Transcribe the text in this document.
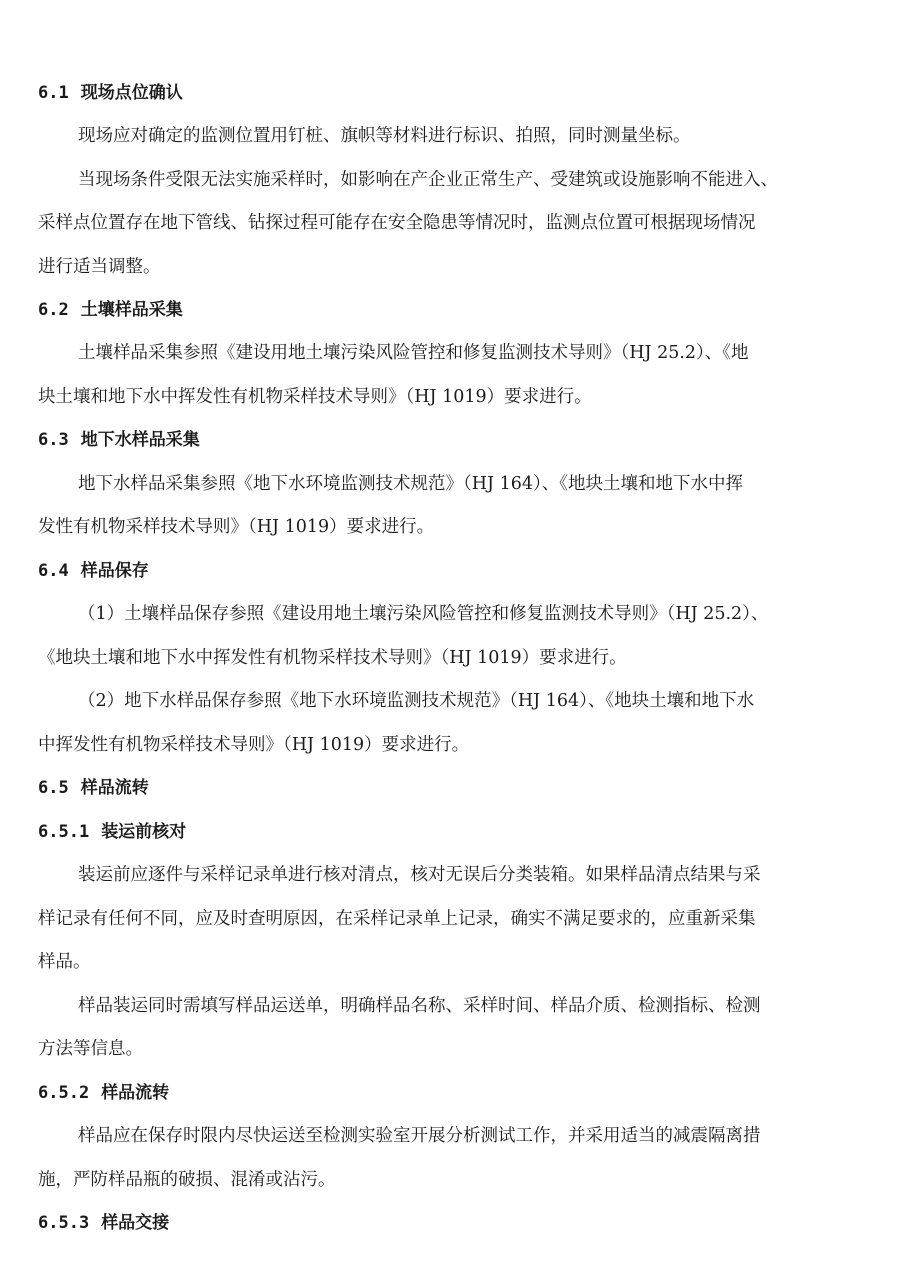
6.1 现场点位确认
现场应对确定的监测位置用钉桩、旗帜等材料进行标识、拍照，同时测量坐标。
当现场条件受限无法实施采样时，如影响在产企业正常生产、受建筑或设施影响不能进入、
采样点位置存在地下管线、钻探过程可能存在安全隐患等情况时，监测点位置可根据现场情况
进行适当调整。
6.2 土壤样品采集
土壤样品采集参照《建设用地土壤污染风险管控和修复监测技术导则》（HJ 25.2）、《地
块土壤和地下水中挥发性有机物采样技术导则》（HJ 1019）要求进行。
6.3 地下水样品采集
地下水样品采集参照《地下水环境监测技术规范》（HJ 164）、《地块土壤和地下水中挥
发性有机物采样技术导则》（HJ 1019）要求进行。
6.4 样品保存
（1）土壤样品保存参照《建设用地土壤污染风险管控和修复监测技术导则》（HJ 25.2）、
《地块土壤和地下水中挥发性有机物采样技术导则》（HJ 1019）要求进行。
（2）地下水样品保存参照《地下水环境监测技术规范》（HJ 164）、《地块土壤和地下水
中挥发性有机物采样技术导则》（HJ 1019）要求进行。
6.5 样品流转
6.5.1 装运前核对
装运前应逐件与采样记录单进行核对清点，核对无误后分类装箱。如果样品清点结果与采
样记录有任何不同，应及时查明原因，在采样记录单上记录，确实不满足要求的，应重新采集
样品。
样品装运同时需填写样品运送单，明确样品名称、采样时间、样品介质、检测指标、检测
方法等信息。
6.5.2 样品流转
样品应在保存时限内尽快运送至检测实验室开展分析测试工作，并采用适当的减震隔离措
施，严防样品瓶的破损、混淆或沾污。
6.5.3 样品交接
